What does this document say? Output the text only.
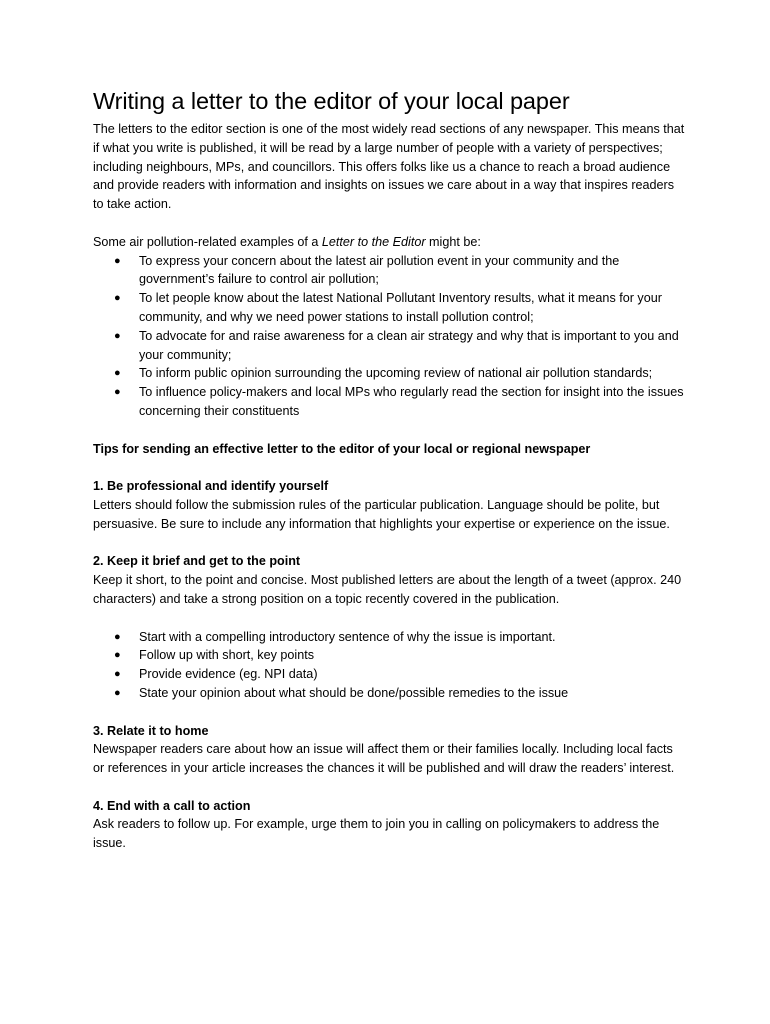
Writing a letter to the editor of your local paper

The letters to the editor section is one of the most widely read sections of any newspaper. This means that if what you write is published, it will be read by a large number of people with a variety of perspectives; including neighbours, MPs, and councillors. This offers folks like us a chance to reach a broad audience and provide readers with information and insights on issues we care about in a way that inspires readers to take action.

Some air pollution-related examples of a Letter to the Editor might be:

● To express your concern about the latest air pollution event in your community and the government’s failure to control air pollution;
● To let people know about the latest National Pollutant Inventory results, what it means for your community, and why we need power stations to install pollution control;
● To advocate for and raise awareness for a clean air strategy and why that is important to you and your community;
● To inform public opinion surrounding the upcoming review of national air pollution standards;
● To influence policy-makers and local MPs who regularly read the section for insight into the issues concerning their constituents

Tips for sending an effective letter to the editor of your local or regional newspaper

1. Be professional and identify yourself

Letters should follow the submission rules of the particular publication. Language should be polite, but persuasive. Be sure to include any information that highlights your expertise or experience on the issue.

2. Keep it brief and get to the point

Keep it short, to the point and concise. Most published letters are about the length of a tweet (approx. 240 characters) and take a strong position on a topic recently covered in the publication.

● Start with a compelling introductory sentence of why the issue is important.
● Follow up with short, key points
● Provide evidence (eg. NPI data)
● State your opinion about what should be done/possible remedies to the issue

3. Relate it to home

Newspaper readers care about how an issue will affect them or their families locally. Including local facts or references in your article increases the chances it will be published and will draw the readers’ interest.

4. End with a call to action

Ask readers to follow up. For example, urge them to join you in calling on policymakers to address the issue.
